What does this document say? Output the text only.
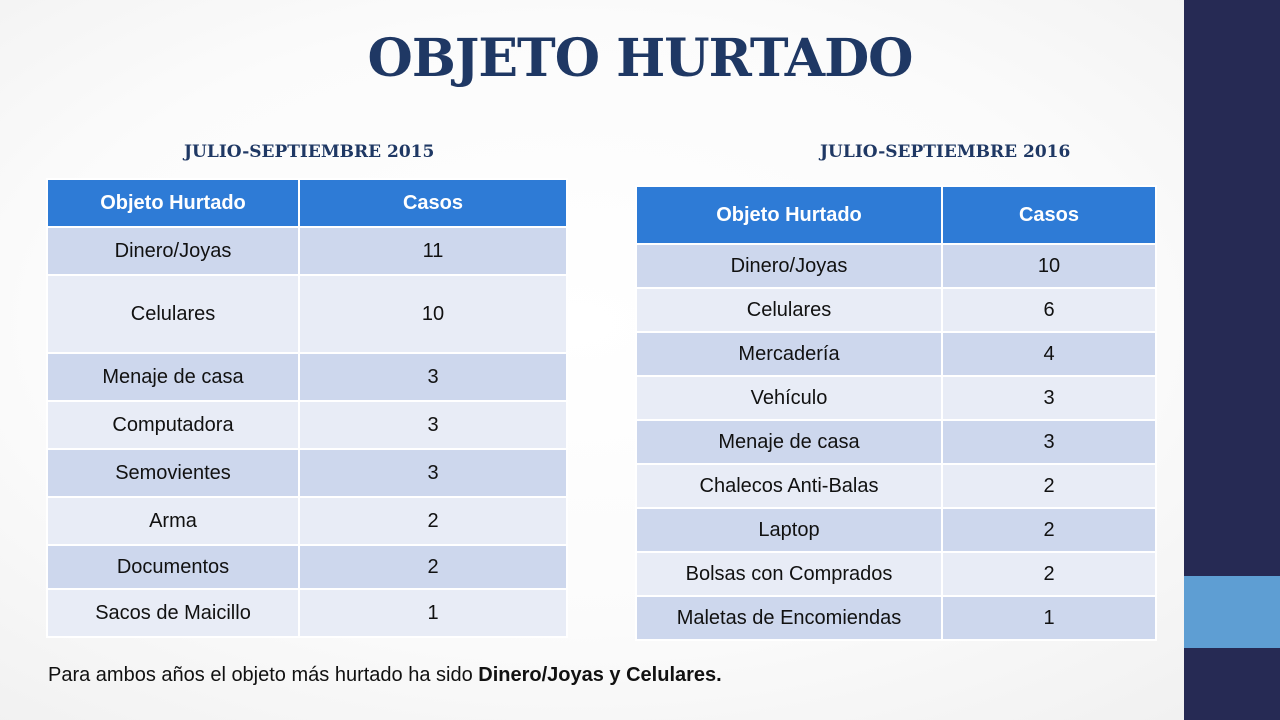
OBJETO HURTADO
JULIO-SEPTIEMBRE 2015	JULIO-SEPTIEMBRE 2016
Objeto Hurtado	Casos
Dinero/Joyas	11
Celulares	10
Menaje de casa	3
Computadora	3
Semovientes	3
Arma	2
Documentos	2
Sacos de Maicillo	1
Objeto Hurtado	Casos
Dinero/Joyas	10
Celulares	6
Mercadería	4
Vehículo	3
Menaje de casa	3
Chalecos Anti-Balas	2
Laptop	2
Bolsas con Comprados	2
Maletas de Encomiendas	1
Para ambos años el objeto más hurtado ha sido Dinero/Joyas y Celulares.
